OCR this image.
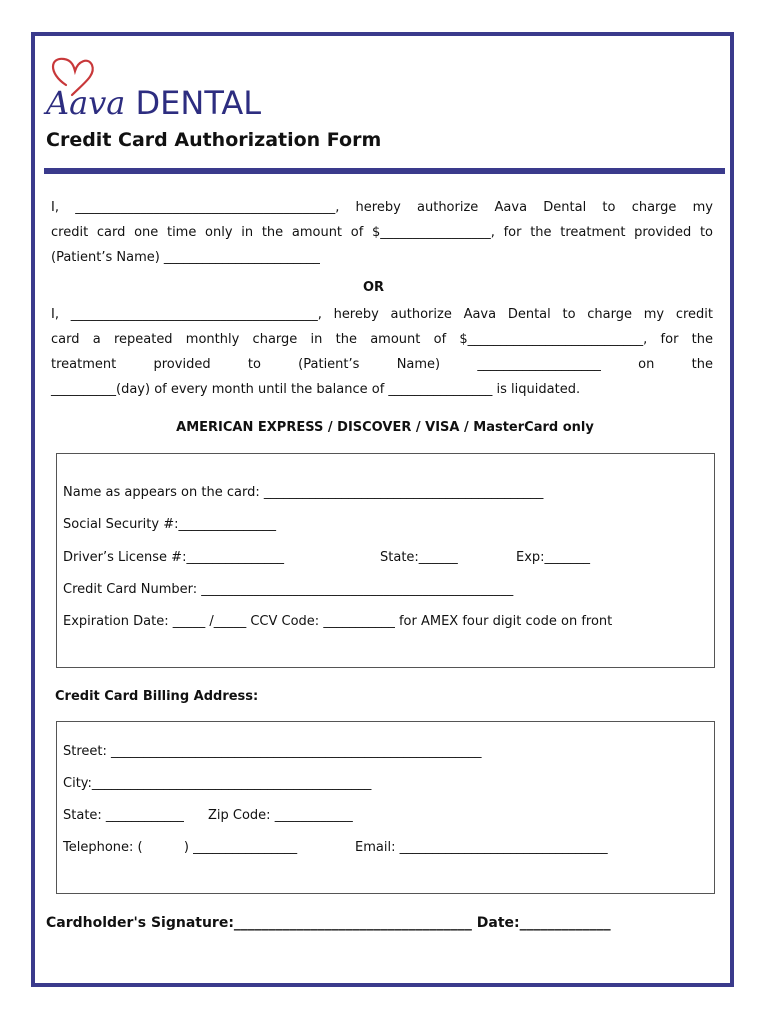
Aava DENTAL
Credit Card Authorization Form
I, ________________________________________, hereby authorize Aava Dental to charge my
credit card one time only in the amount of $_________________, for the treatment provided to
(Patient’s Name) ________________________
OR
I, ______________________________________, hereby authorize Aava Dental to charge my credit
card a repeated monthly charge in the amount of $___________________________, for the
treatment provided to (Patient’s Name) ___________________ on the
__________(day) of every month until the balance of ________________ is liquidated.
AMERICAN EXPRESS / DISCOVER / VISA / MasterCard only
Name as appears on the card: ___________________________________________
Social Security #:_______________
Driver’s License #:_______________	State:______	Exp:_______
Credit Card Number: ________________________________________________
Expiration Date: _____ /_____ CCV Code: ___________ for AMEX four digit code on front
Credit Card Billing Address:
Street: _________________________________________________________
City:___________________________________________
State: ____________ Zip Code: ____________
Telephone: (          ) ________________	Email: ________________________________
Cardholder's Signature:__________________________________ Date:_____________
